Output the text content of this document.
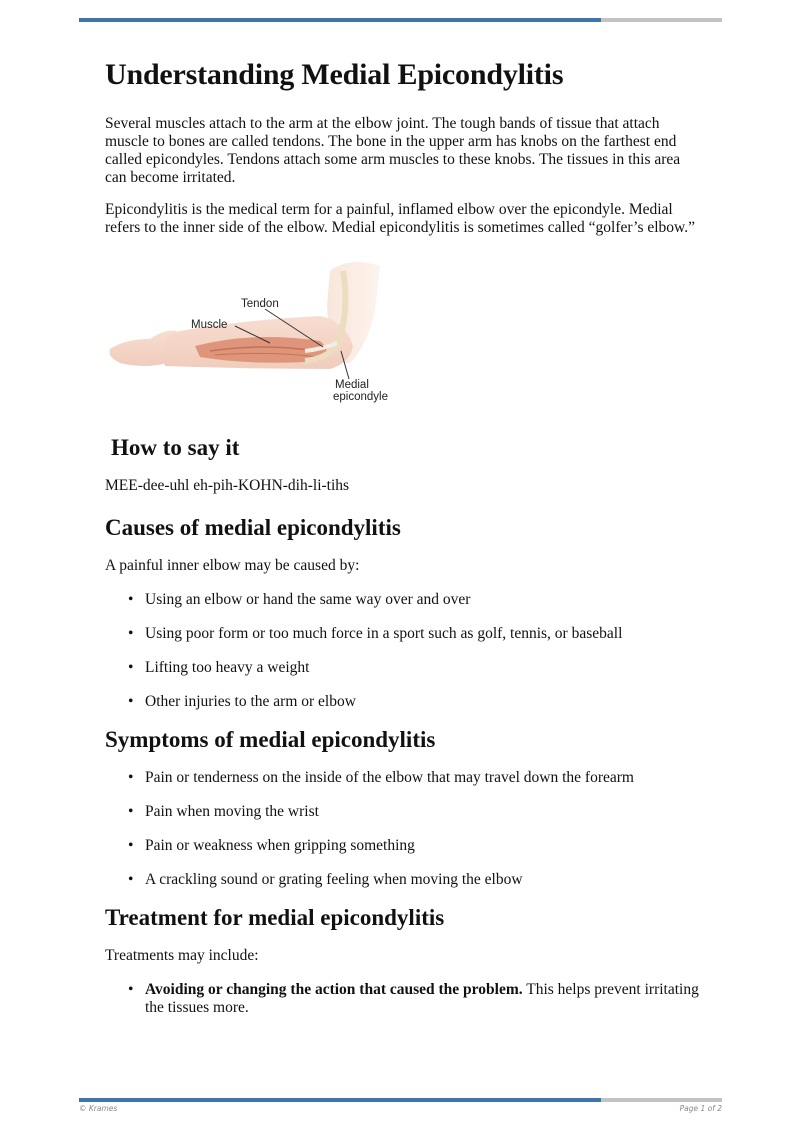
Understanding Medial Epicondylitis

Several muscles attach to the arm at the elbow joint. The tough bands of tissue that attach muscle to bones are called tendons. The bone in the upper arm has knobs on the farthest end called epicondyles. Tendons attach some arm muscles to these knobs. The tissues in this area can become irritated.

Epicondylitis is the medical term for a painful, inflamed elbow over the epicondyle. Medial refers to the inner side of the elbow. Medial epicondylitis is sometimes called “golfer’s elbow.”

Tendon
Muscle
Medial
epicondyle
How to say it

MEE-dee-uhl eh-pih-KOHN-dih-li-tihs

Causes of medial epicondylitis

A painful inner elbow may be caused by:

• Using an elbow or hand the same way over and over
• Using poor form or too much force in a sport such as golf, tennis, or baseball
• Lifting too heavy a weight
• Other injuries to the arm or elbow
Symptoms of medial epicondylitis
• Pain or tenderness on the inside of the elbow that may travel down the forearm
• Pain when moving the wrist
• Pain or weakness when gripping something
• A crackling sound or grating feeling when moving the elbow
Treatment for medial epicondylitis

Treatments may include:

• Avoiding or changing the action that caused the problem. This helps prevent irritating the tissues more.
© Krames	Page 1 of 2
